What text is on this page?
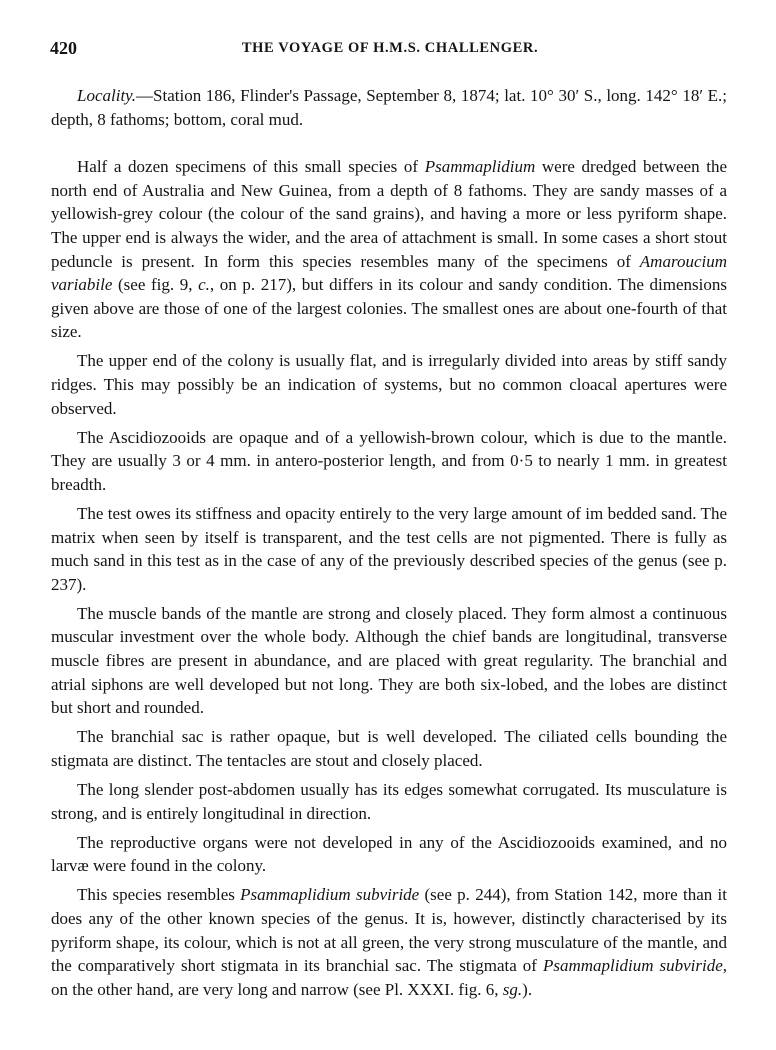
420	THE VOYAGE OF H.M.S. CHALLENGER.

Locality.—Station 186, Flinder's Passage, September 8, 1874; lat. 10° 30′ S., long. 142° 18′ E.; depth, 8 fathoms; bottom, coral mud.

Half a dozen specimens of this small species of Psammaplidium were dredged between the north end of Australia and New Guinea, from a depth of 8 fathoms. They are sandy masses of a yellowish-grey colour (the colour of the sand grains), and having a more or less pyriform shape. The upper end is always the wider, and the area of attachment is small. In some cases a short stout peduncle is present. In form this species resembles many of the specimens of Amaroucium variabile (see fig. 9, c., on p. 217), but differs in its colour and sandy condition. The dimensions given above are those of one of the largest colonies. The smallest ones are about one-fourth of that size.

The upper end of the colony is usually flat, and is irregularly divided into areas by stiff sandy ridges. This may possibly be an indication of systems, but no common cloacal apertures were observed.

The Ascidiozooids are opaque and of a yellowish-brown colour, which is due to the mantle. They are usually 3 or 4 mm. in antero-posterior length, and from 0·5 to nearly 1 mm. in greatest breadth.

The test owes its stiffness and opacity entirely to the very large amount of im bedded sand. The matrix when seen by itself is transparent, and the test cells are not pigmented. There is fully as much sand in this test as in the case of any of the previously described species of the genus (see p. 237).

The muscle bands of the mantle are strong and closely placed. They form almost a continuous muscular investment over the whole body. Although the chief bands are longitudinal, transverse muscle fibres are present in abundance, and are placed with great regularity. The branchial and atrial siphons are well developed but not long. They are both six-lobed, and the lobes are distinct but short and rounded.

The branchial sac is rather opaque, but is well developed. The ciliated cells bounding the stigmata are distinct. The tentacles are stout and closely placed.

The long slender post-abdomen usually has its edges somewhat corrugated. Its musculature is strong, and is entirely longitudinal in direction.

The reproductive organs were not developed in any of the Ascidiozooids examined, and no larvæ were found in the colony.

This species resembles Psammaplidium subviride (see p. 244), from Station 142, more than it does any of the other known species of the genus. It is, however, distinctly characterised by its pyriform shape, its colour, which is not at all green, the very strong musculature of the mantle, and the comparatively short stigmata in its branchial sac. The stigmata of Psammaplidium subviride, on the other hand, are very long and narrow (see Pl. XXXI. fig. 6, sg.).
